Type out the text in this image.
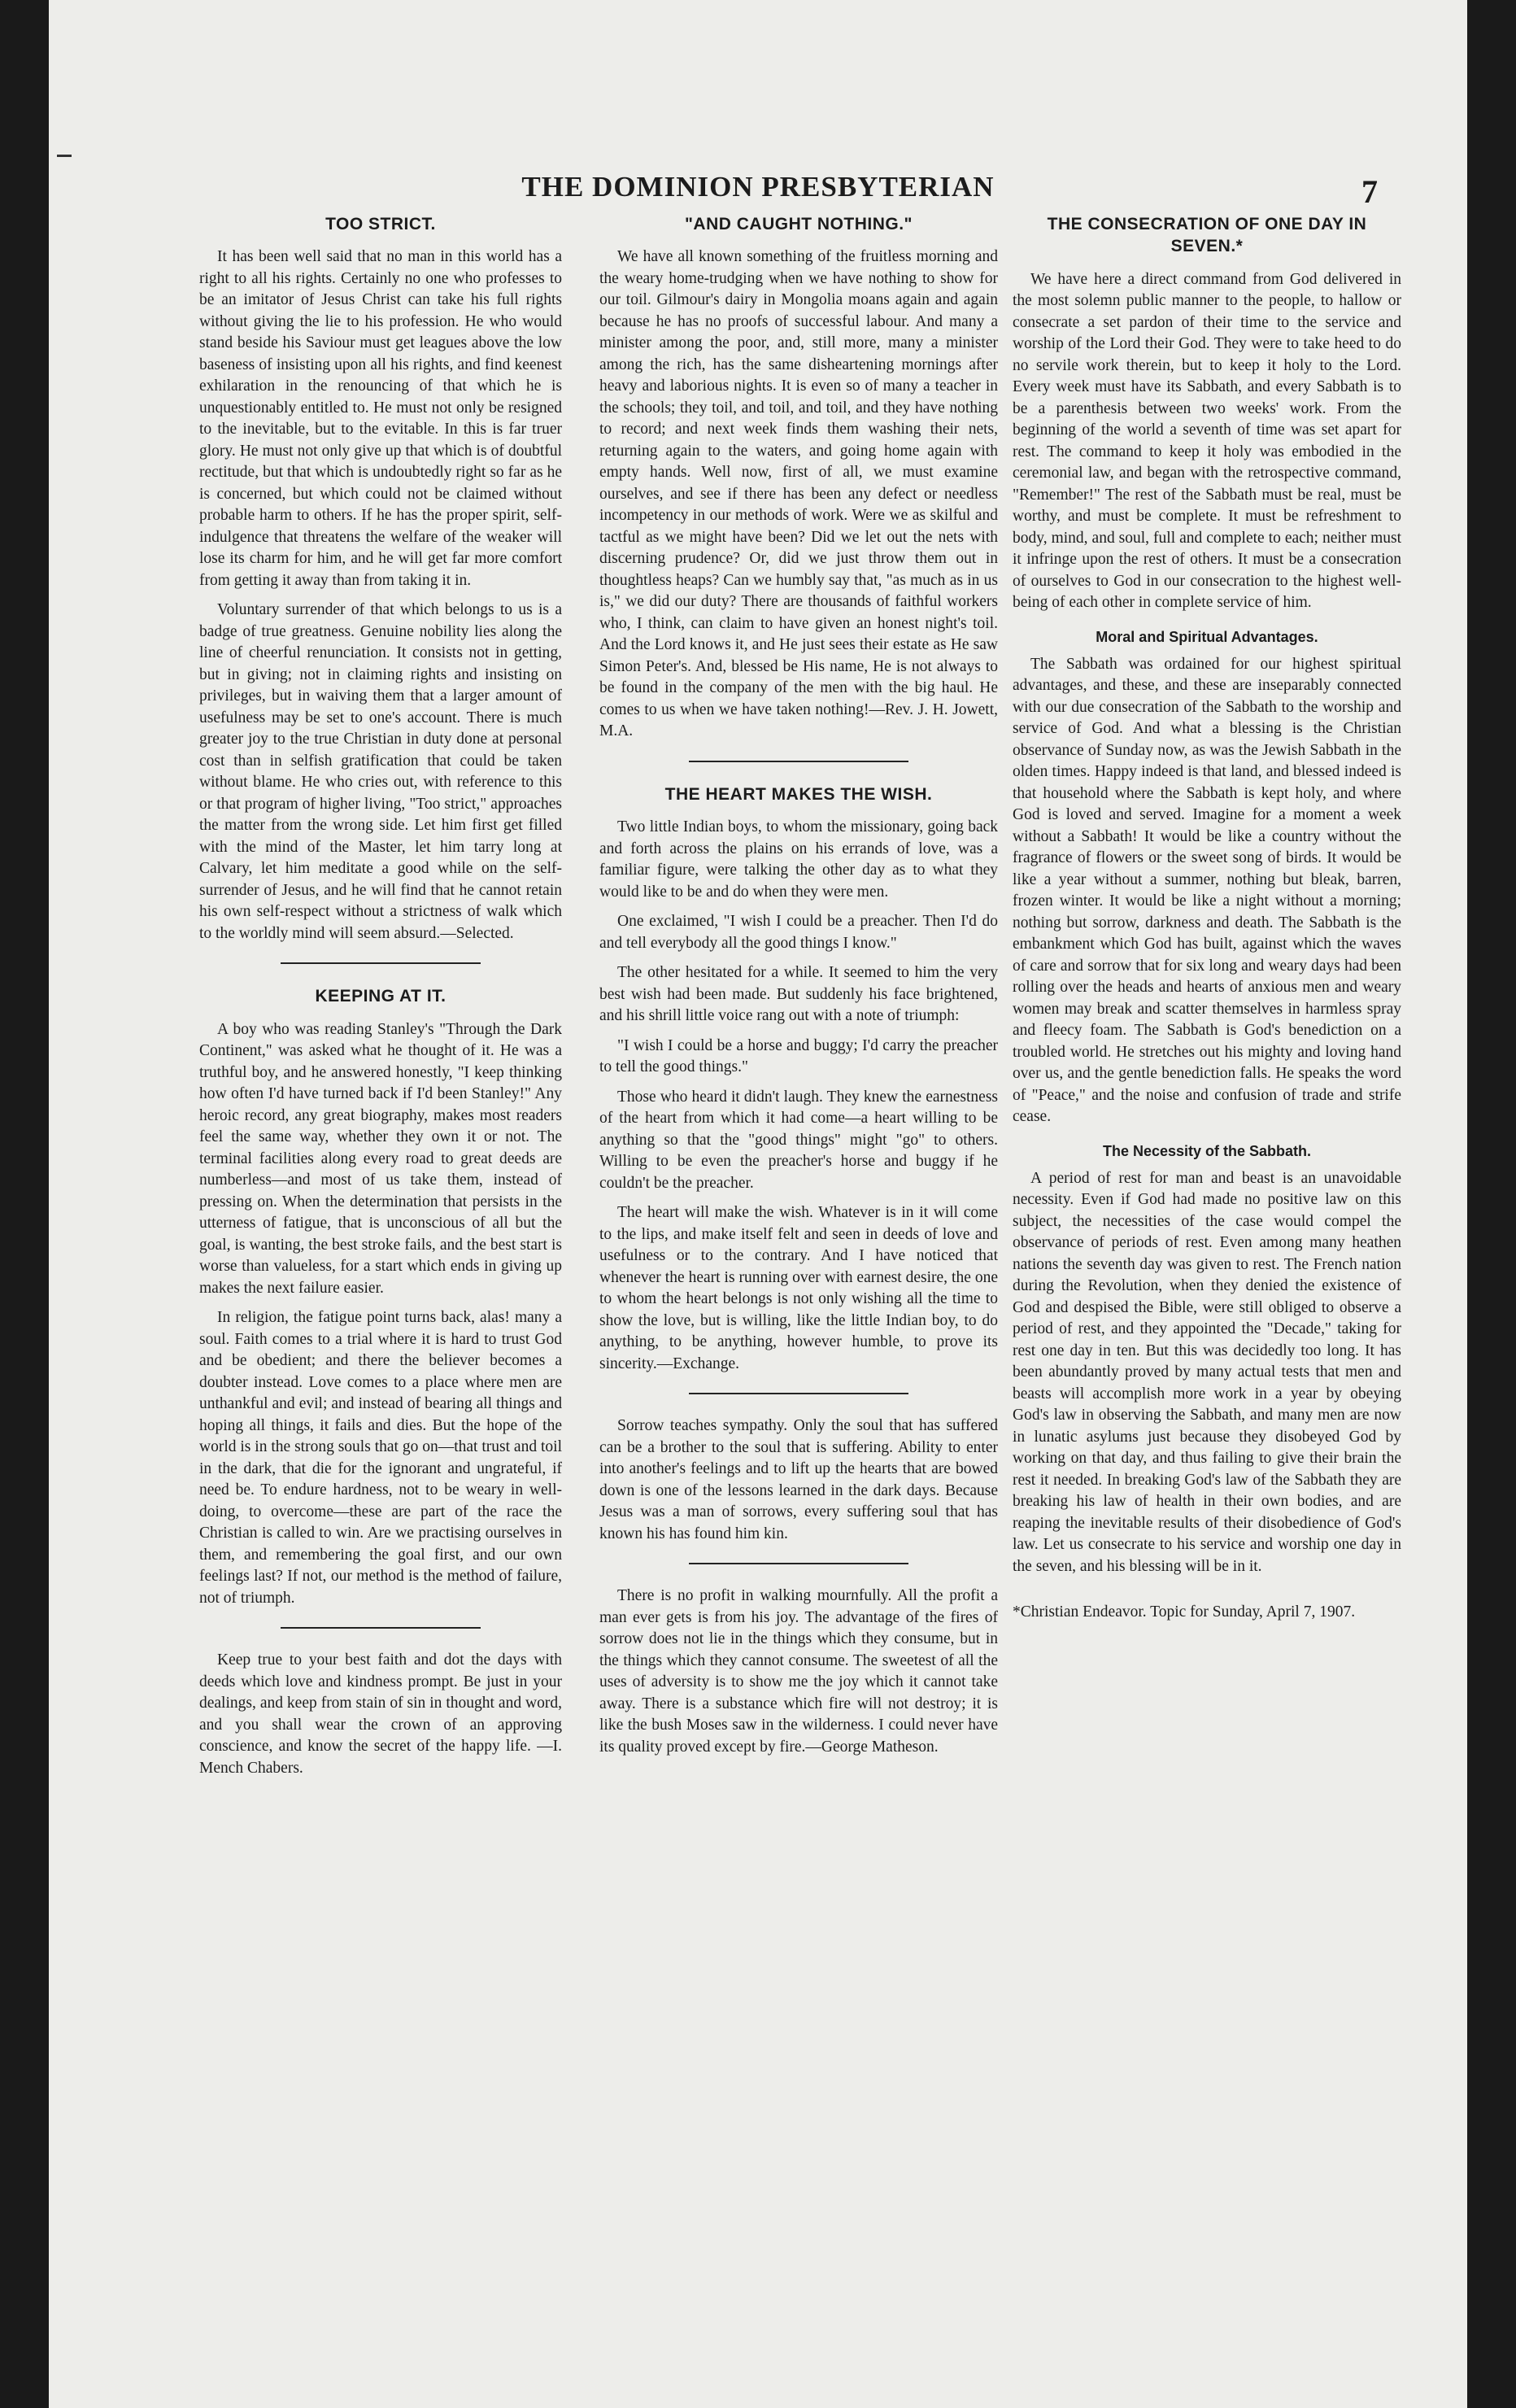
THE DOMINION PRESBYTERIAN	7
TOO STRICT.

It has been well said that no man in this world has a right to all his rights. Certainly no one who professes to be an imitator of Jesus Christ can take his full rights without giving the lie to his profession. He who would stand beside his Saviour must get leagues above the low baseness of insisting upon all his rights, and find keenest exhilaration in the renouncing of that which he is unquestionably entitled to. He must not only be resigned to the inevitable, but to the evitable. In this is far truer glory. He must not only give up that which is of doubtful rectitude, but that which is undoubtedly right so far as he is concerned, but which could not be claimed without probable harm to others. If he has the proper spirit, self-indulgence that threatens the welfare of the weaker will lose its charm for him, and he will get far more comfort from getting it away than from taking it in.

Voluntary surrender of that which belongs to us is a badge of true greatness. Genuine nobility lies along the line of cheerful renunciation. It consists not in getting, but in giving; not in claiming rights and insisting on privileges, but in waiving them that a larger amount of usefulness may be set to one's account. There is much greater joy to the true Christian in duty done at personal cost than in selfish gratification that could be taken without blame. He who cries out, with reference to this or that program of higher living, "Too strict," approaches the matter from the wrong side. Let him first get filled with the mind of the Master, let him tarry long at Calvary, let him meditate a good while on the self-surrender of Jesus, and he will find that he cannot retain his own self-respect without a strictness of walk which to the worldly mind will seem absurd.—Selected.

KEEPING AT IT.

A boy who was reading Stanley's "Through the Dark Continent," was asked what he thought of it. He was a truthful boy, and he answered honestly, "I keep thinking how often I'd have turned back if I'd been Stanley!" Any heroic record, any great biography, makes most readers feel the same way, whether they own it or not. The terminal facilities along every road to great deeds are numberless—and most of us take them, instead of pressing on. When the determination that persists in the utterness of fatigue, that is unconscious of all but the goal, is wanting, the best stroke fails, and the best start is worse than valueless, for a start which ends in giving up makes the next failure easier.

In religion, the fatigue point turns back, alas! many a soul. Faith comes to a trial where it is hard to trust God and be obedient; and there the believer becomes a doubter instead. Love comes to a place where men are unthankful and evil; and instead of bearing all things and hoping all things, it fails and dies. But the hope of the world is in the strong souls that go on—that trust and toil in the dark, that die for the ignorant and ungrateful, if need be. To endure hardness, not to be weary in well-doing, to overcome—these are part of the race the Christian is called to win. Are we practising ourselves in them, and remembering the goal first, and our own feelings last? If not, our method is the method of failure, not of triumph.

Keep true to your best faith and dot the days with deeds which love and kindness prompt. Be just in your dealings, and keep from stain of sin in thought and word, and you shall wear the crown of an approving conscience, and know the secret of the happy life. —I. Mench Chabers.

"AND CAUGHT NOTHING."

We have all known something of the fruitless morning and the weary home-trudging when we have nothing to show for our toil. Gilmour's dairy in Mongolia moans again and again because he has no proofs of successful labour. And many a minister among the poor, and, still more, many a minister among the rich, has the same disheartening mornings after heavy and laborious nights. It is even so of many a teacher in the schools; they toil, and toil, and toil, and they have nothing to record; and next week finds them washing their nets, returning again to the waters, and going home again with empty hands. Well now, first of all, we must examine ourselves, and see if there has been any defect or needless incompetency in our methods of work. Were we as skilful and tactful as we might have been? Did we let out the nets with discerning prudence? Or, did we just throw them out in thoughtless heaps? Can we humbly say that, "as much as in us is," we did our duty? There are thousands of faithful workers who, I think, can claim to have given an honest night's toil. And the Lord knows it, and He just sees their estate as He saw Simon Peter's. And, blessed be His name, He is not always to be found in the company of the men with the big haul. He comes to us when we have taken nothing!—Rev. J. H. Jowett, M.A.

THE HEART MAKES THE WISH.

Two little Indian boys, to whom the missionary, going back and forth across the plains on his errands of love, was a familiar figure, were talking the other day as to what they would like to be and do when they were men.

One exclaimed, "I wish I could be a preacher. Then I'd do and tell everybody all the good things I know."

The other hesitated for a while. It seemed to him the very best wish had been made. But suddenly his face brightened, and his shrill little voice rang out with a note of triumph:

"I wish I could be a horse and buggy; I'd carry the preacher to tell the good things."

Those who heard it didn't laugh. They knew the earnestness of the heart from which it had come—a heart willing to be anything so that the "good things" might "go" to others. Willing to be even the preacher's horse and buggy if he couldn't be the preacher.

The heart will make the wish. Whatever is in it will come to the lips, and make itself felt and seen in deeds of love and usefulness or to the contrary. And I have noticed that whenever the heart is running over with earnest desire, the one to whom the heart belongs is not only wishing all the time to show the love, but is willing, like the little Indian boy, to do anything, to be anything, however humble, to prove its sincerity.—Exchange.

Sorrow teaches sympathy. Only the soul that has suffered can be a brother to the soul that is suffering. Ability to enter into another's feelings and to lift up the hearts that are bowed down is one of the lessons learned in the dark days. Because Jesus was a man of sorrows, every suffering soul that has known his has found him kin.

There is no profit in walking mournfully. All the profit a man ever gets is from his joy. The advantage of the fires of sorrow does not lie in the things which they consume, but in the things which they cannot consume. The sweetest of all the uses of adversity is to show me the joy which it cannot take away. There is a substance which fire will not destroy; it is like the bush Moses saw in the wilderness. I could never have its quality proved except by fire.—George Matheson.

THE CONSECRATION OF ONE DAY IN SEVEN.*

We have here a direct command from God delivered in the most solemn public manner to the people, to hallow or consecrate a set pardon of their time to the service and worship of the Lord their God. They were to take heed to do no servile work therein, but to keep it holy to the Lord. Every week must have its Sabbath, and every Sabbath is to be a parenthesis between two weeks' work. From the beginning of the world a seventh of time was set apart for rest. The command to keep it holy was embodied in the ceremonial law, and began with the retrospective command, "Remember!" The rest of the Sabbath must be real, must be worthy, and must be complete. It must be refreshment to body, mind, and soul, full and complete to each; neither must it infringe upon the rest of others. It must be a consecration of ourselves to God in our consecration to the highest well-being of each other in complete service of him.

Moral and Spiritual Advantages.

The Sabbath was ordained for our highest spiritual advantages, and these, and these are inseparably connected with our due consecration of the Sabbath to the worship and service of God. And what a blessing is the Christian observance of Sunday now, as was the Jewish Sabbath in the olden times. Happy indeed is that land, and blessed indeed is that household where the Sabbath is kept holy, and where God is loved and served. Imagine for a moment a week without a Sabbath! It would be like a country without the fragrance of flowers or the sweet song of birds. It would be like a year without a summer, nothing but bleak, barren, frozen winter. It would be like a night without a morning; nothing but sorrow, darkness and death. The Sabbath is the embankment which God has built, against which the waves of care and sorrow that for six long and weary days had been rolling over the heads and hearts of anxious men and weary women may break and scatter themselves in harmless spray and fleecy foam. The Sabbath is God's benediction on a troubled world. He stretches out his mighty and loving hand over us, and the gentle benediction falls. He speaks the word of "Peace," and the noise and confusion of trade and strife cease.

The Necessity of the Sabbath.

A period of rest for man and beast is an unavoidable necessity. Even if God had made no positive law on this subject, the necessities of the case would compel the observance of periods of rest. Even among many heathen nations the seventh day was given to rest. The French nation during the Revolution, when they denied the existence of God and despised the Bible, were still obliged to observe a period of rest, and they appointed the "Decade," taking for rest one day in ten. But this was decidedly too long. It has been abundantly proved by many actual tests that men and beasts will accomplish more work in a year by obeying God's law in observing the Sabbath, and many men are now in lunatic asylums just because they disobeyed God by working on that day, and thus failing to give their brain the rest it needed. In breaking God's law of the Sabbath they are breaking his law of health in their own bodies, and are reaping the inevitable results of their disobedience of God's law. Let us consecrate to his service and worship one day in the seven, and his blessing will be in it.

*Christian Endeavor. Topic for Sunday, April 7, 1907.
